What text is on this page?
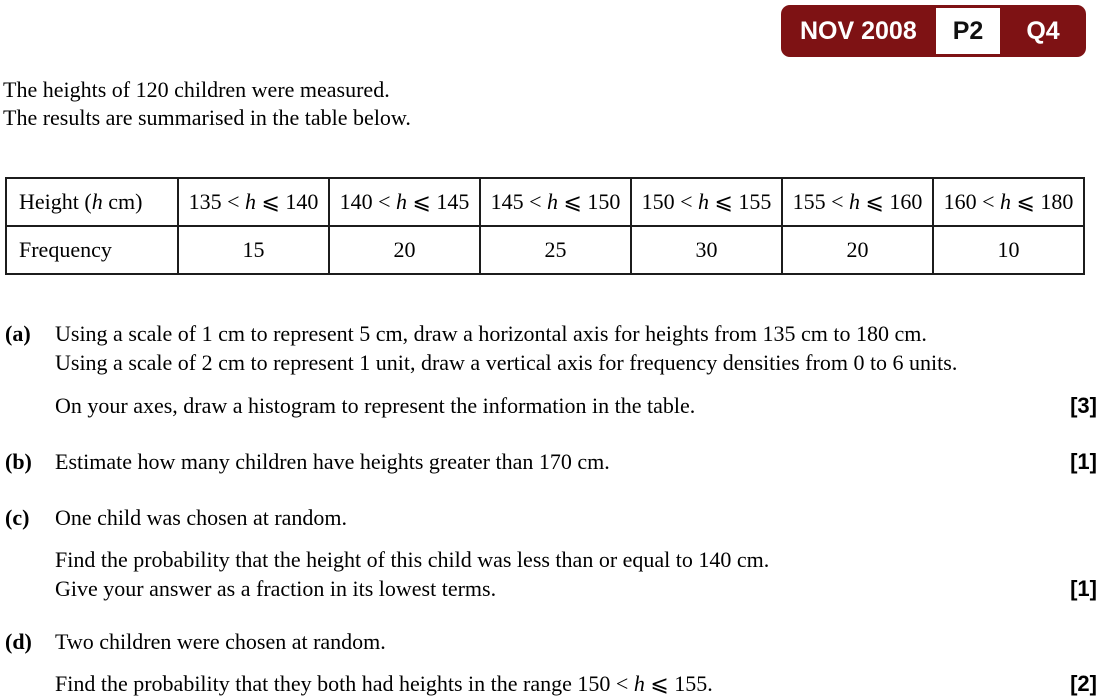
NOV 2008	P2	Q4
The heights of 120 children were measured.
The results are summarised in the table below.
Height (h cm)	135 < h ⩽ 140	140 < h ⩽ 145	145 < h ⩽ 150	150 < h ⩽ 155	155 < h ⩽ 160	160 < h ⩽ 180
Frequency	15	20	25	30	20	10
(a) Using a scale of 1 cm to represent 5 cm, draw a horizontal axis for heights from 135 cm to 180 cm.
Using a scale of 2 cm to represent 1 unit, draw a vertical axis for frequency densities from 0 to 6 units.
On your axes, draw a histogram to represent the information in the table.	[3]
(b) Estimate how many children have heights greater than 170 cm.	[1]
(c) One child was chosen at random.
Find the probability that the height of this child was less than or equal to 140 cm.
Give your answer as a fraction in its lowest terms.	[1]
(d) Two children were chosen at random.
Find the probability that they both had heights in the range 150 < h ⩽ 155.	[2]
